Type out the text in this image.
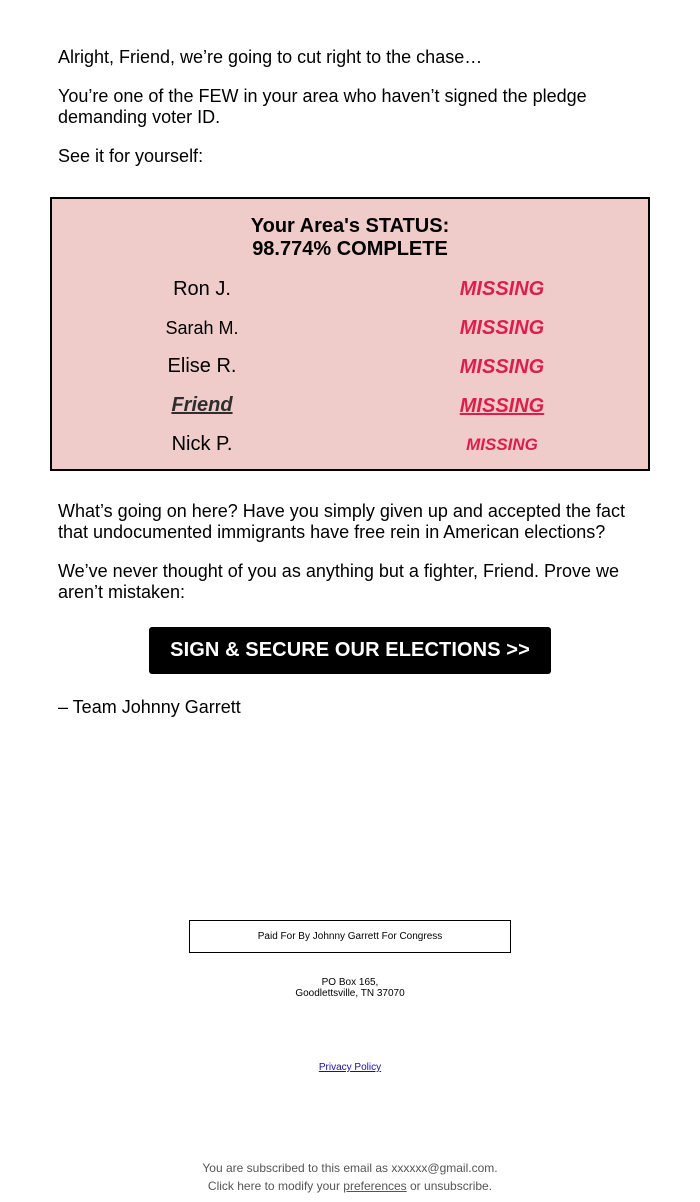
Alright, Friend, we’re going to cut right to the chase…

You’re one of the FEW in your area who haven’t signed the pledge demanding voter ID.

See it for yourself:

Your Area's STATUS:
98.774% COMPLETE
Ron J.	MISSING
Sarah M.	MISSING
Elise R.	MISSING
Friend	MISSING
Nick P.	MISSING

What’s going on here? Have you simply given up and accepted the fact that undocumented immigrants have free rein in American elections?

We’ve never thought of you as anything but a fighter, Friend. Prove we aren’t mistaken:

– Team Johnny Garrett

SIGN & SECURE OUR ELECTIONS >>
Paid For By Johnny Garrett For Congress
PO Box 165,
Goodlettsville, TN 37070
Privacy Policy
You are subscribed to this email as xxxxxx@gmail.com.
Click here to modify your preferences or unsubscribe.
